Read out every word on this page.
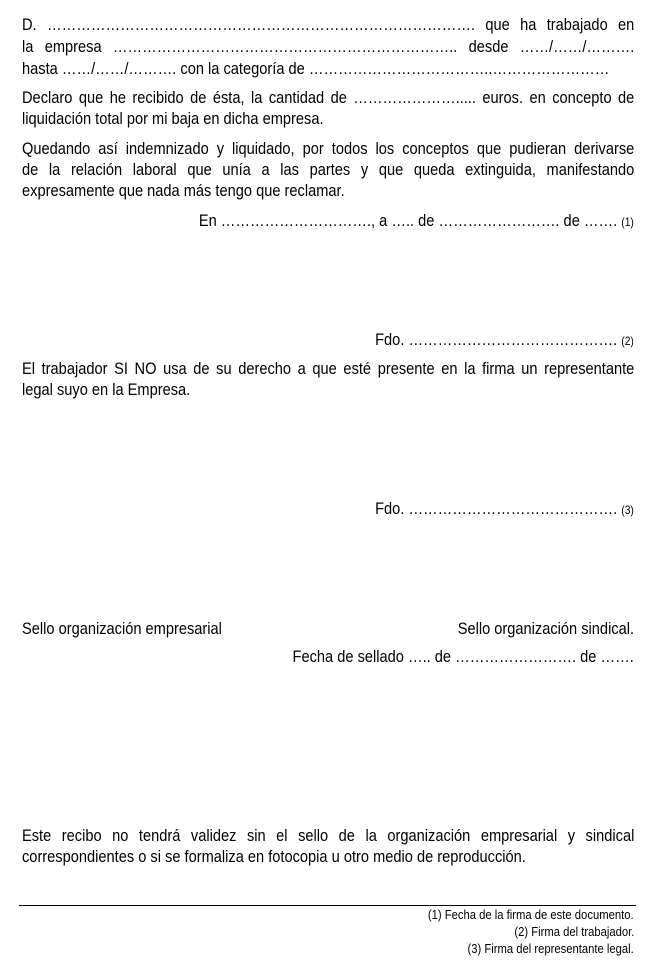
D. ……………………………………………………………………………. que ha trabajado en
la empresa …………………………………………………………….. desde ……/……/……….
hasta ……/……/………. con la categoría de ………………………………..……………………
Declaro que he recibido de ésta, la cantidad de …………………..... euros. en concepto de
liquidación total por mi baja en dicha empresa.
Quedando así indemnizado y liquidado, por todos los conceptos que pudieran derivarse
de la relación laboral que unía a las partes y que queda extinguida, manifestando
expresamente que nada más tengo que reclamar.
En …………………………., a ….. de ……………………. de ……. (1)
Fdo. ……………………………………. (2)
El trabajador SI NO usa de su derecho a que esté presente en la firma un representante
legal suyo en la Empresa.
Fdo. ……………………………………. (3)
Sello organización empresarial	Sello organización sindical.
Fecha de sellado ….. de ……………………. de …….
Este recibo no tendrá validez sin el sello de la organización empresarial y sindical
correspondientes o si se formaliza en fotocopia u otro medio de reproducción.
(1) Fecha de la firma de este documento.
(2) Firma del trabajador.
(3) Firma del representante legal.
